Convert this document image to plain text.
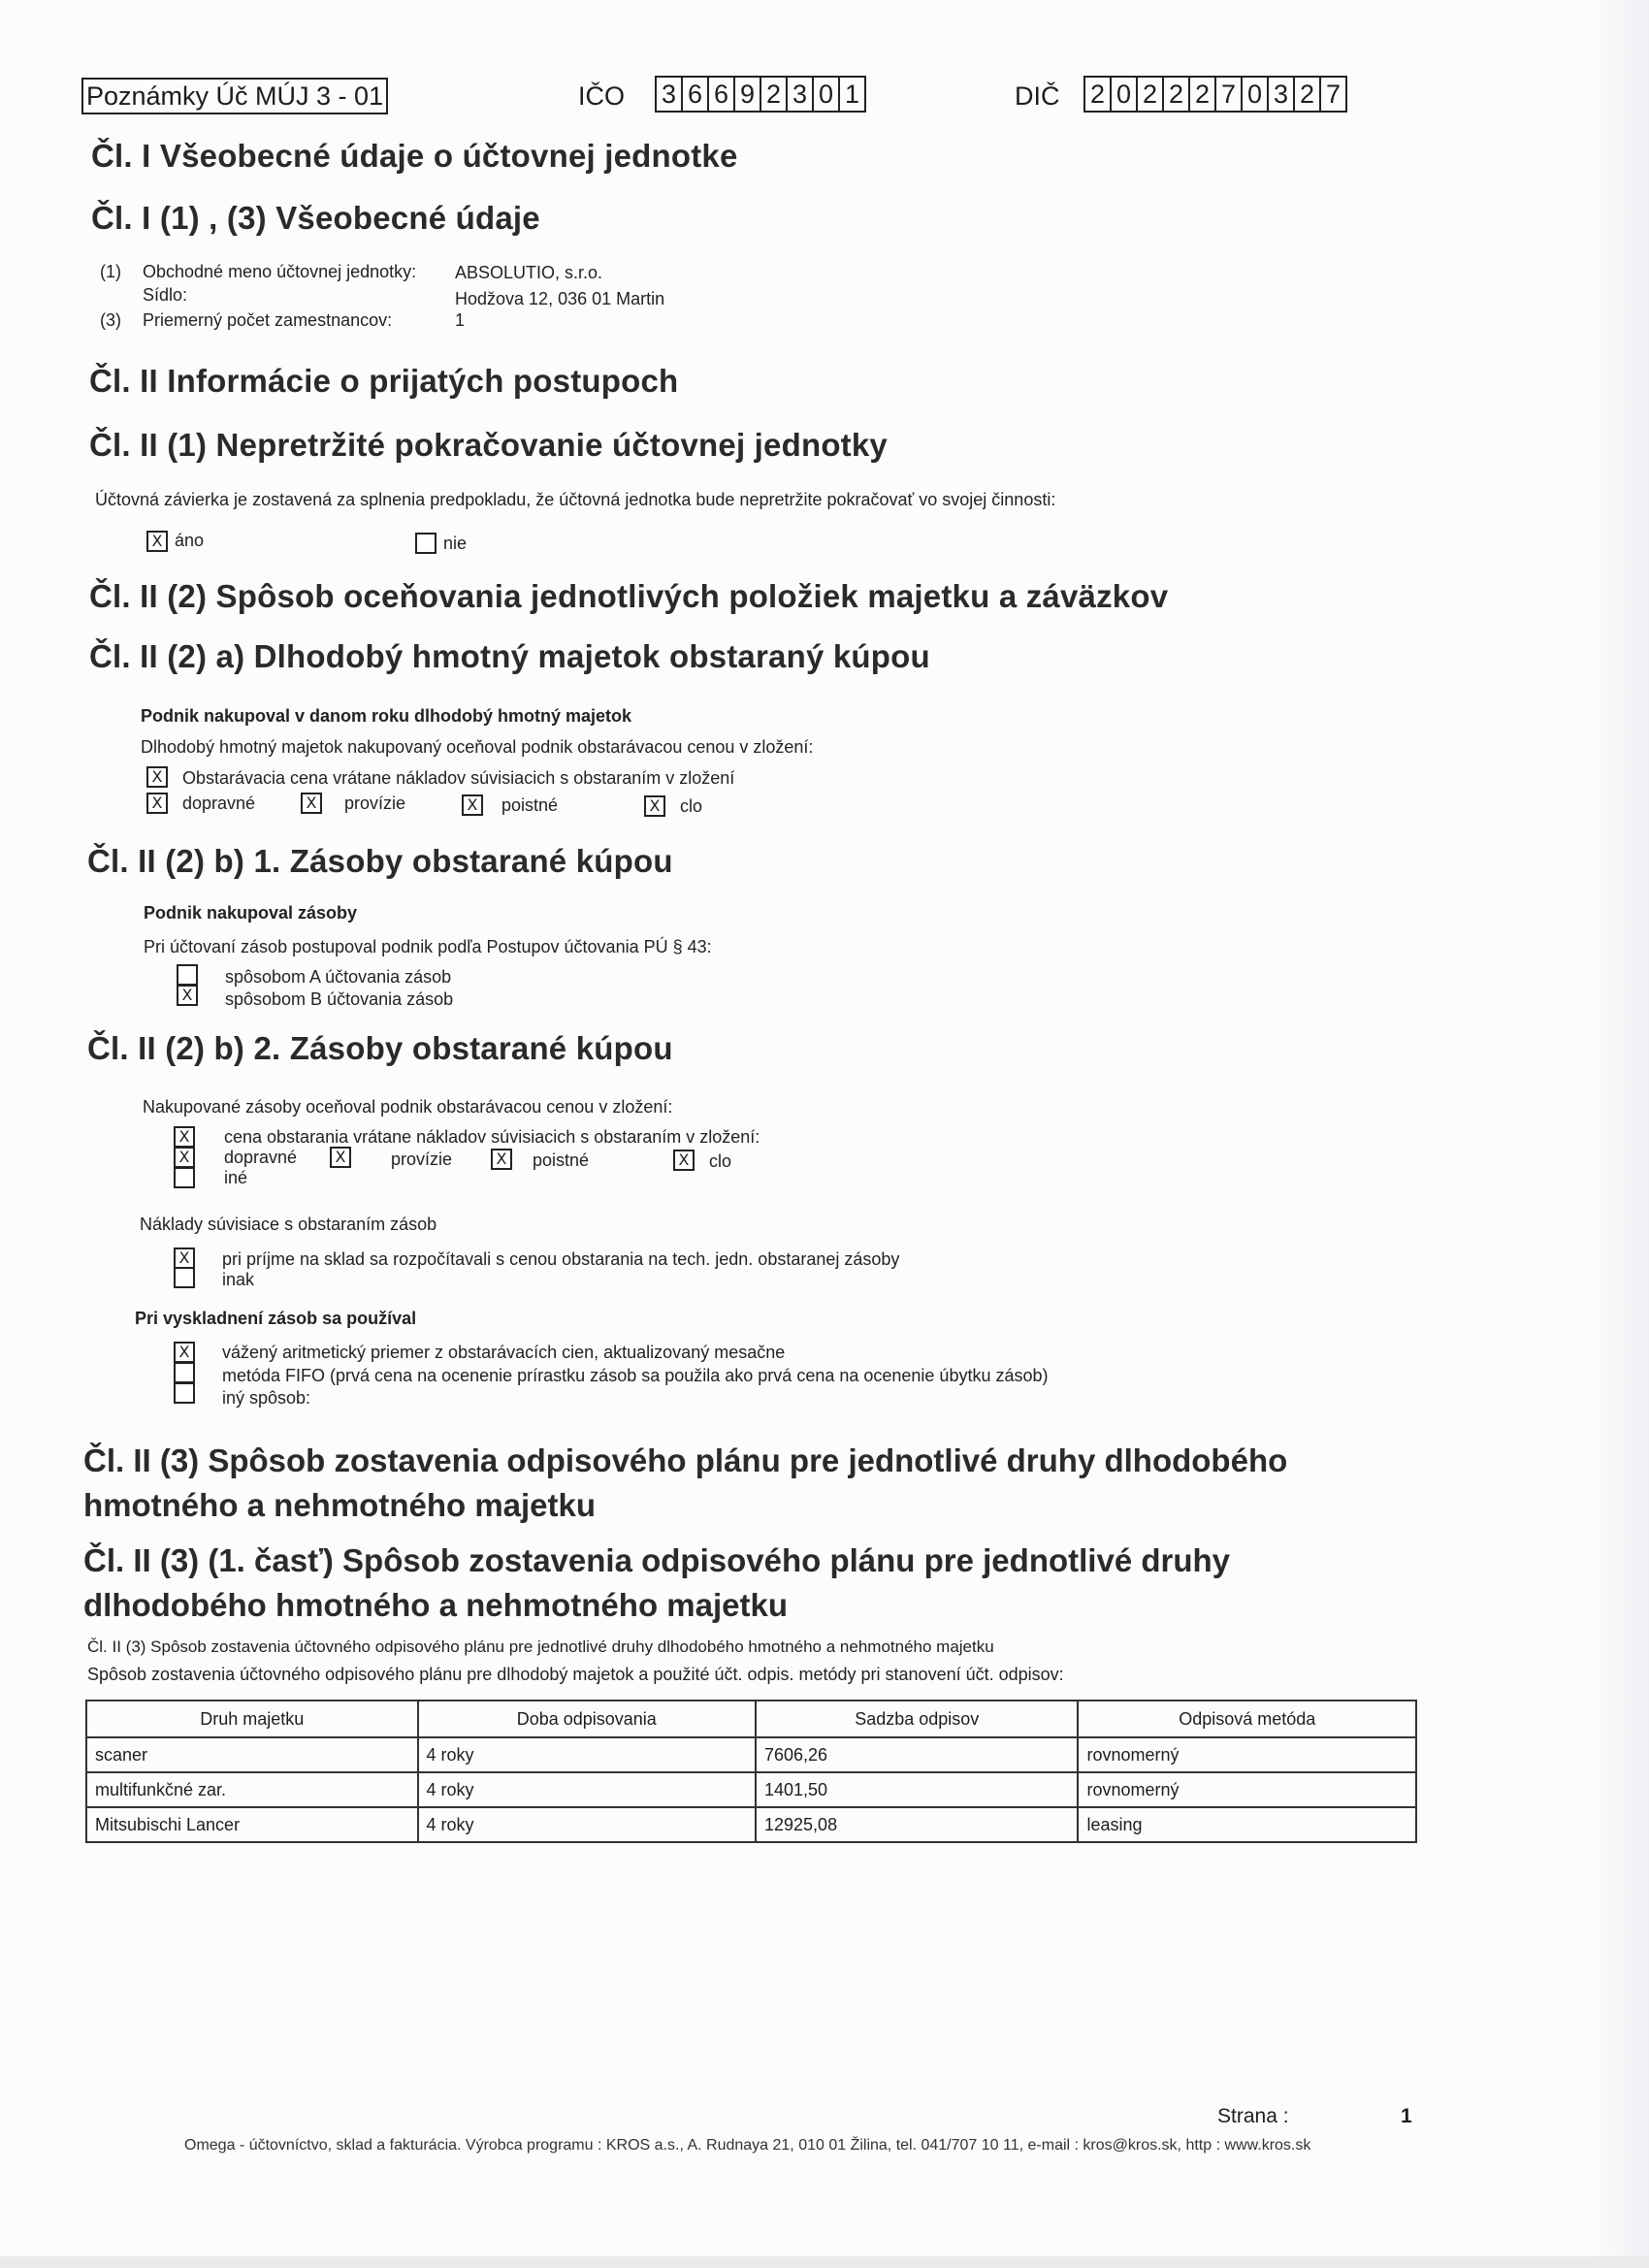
Poznámky Úč MÚJ 3 - 01	IČO 3 6 6 9 2 3 0 1	DIČ 2 0 2 2 2 7 0 3 2 7
Čl. I Všeobecné údaje o účtovnej jednotke
Čl. I (1) , (3) Všeobecné údaje
(1) Obchodné meno účtovnej jednotky: ABSOLUTIO, s.r.o.
Sídlo:	Hodžova 12, 036 01 Martin
(3) Priemerný počet zamestnancov:	1
Čl. II Informácie o prijatých postupoch
Čl. II (1) Nepretržité pokračovanie účtovnej jednotky
Účtovná závierka je zostavená za splnenia predpokladu, že účtovná jednotka bude nepretržite pokračovať vo svojej činnosti:
X áno	nie
Čl. II (2) Spôsob oceňovania jednotlivých položiek majetku a záväzkov
Čl. II (2) a) Dlhodobý hmotný majetok obstaraný kúpou
Podnik nakupoval v danom roku dlhodobý hmotný majetok
Dlhodobý hmotný majetok nakupovaný oceňoval podnik obstarávacou cenou v zložení:
X	Obstarávacia cena vrátane nákladov súvisiacich s obstaraním v zložení
X	dopravné	X	provízie	X	poistné	X	clo
Čl. II (2) b) 1. Zásoby obstarané kúpou
Podnik nakupoval zásoby
Pri účtovaní zásob postupoval podnik podľa Postupov účtovania PÚ § 43:
spôsobom A účtovania zásob
X	spôsobom B účtovania zásob
Čl. II (2) b) 2. Zásoby obstarané kúpou
Nakupované zásoby oceňoval podnik obstarávacou cenou v zložení:
X	cena obstarania vrátane nákladov súvisiacich s obstaraním v zložení:
X	dopravné	X	provízie	X	poistné	X	clo
iné
Náklady súvisiace s obstaraním zásob
X	pri príjme na sklad sa rozpočítavali s cenou obstarania na tech. jedn. obstaranej zásoby
inak
Pri vyskladnení zásob sa používal
X	vážený aritmetický priemer z obstarávacích cien, aktualizovaný mesačne
metóda FIFO (prvá cena na ocenenie prírastku zásob sa použila ako prvá cena na ocenenie úbytku zásob)
iný spôsob:
Čl. II (3) Spôsob zostavenia odpisového plánu pre jednotlivé druhy dlhodobého hmotného a nehmotného majetku
Čl. II (3) (1. časť) Spôsob zostavenia odpisového plánu pre jednotlivé druhy dlhodobého hmotného a nehmotného majetku
Čl. II (3) Spôsob zostavenia účtovného odpisového plánu pre jednotlivé druhy dlhodobého hmotného a nehmotného majetku
Spôsob zostavenia účtovného odpisového plánu pre dlhodobý majetok a použité účt. odpis. metódy pri stanovení účt. odpisov:
Druh majetku	Doba odpisovania	Sadzba odpisov	Odpisová metóda
scaner	4 roky	7606,26	rovnomerný
multifunkčné zar.	4 roky	1401,50	rovnomerný
Mitsubischi Lancer	4 roky	12925,08	leasing
Strana :	1
Omega - účtovníctvo, sklad a fakturácia. Výrobca programu : KROS a.s., A. Rudnaya 21, 010 01 Žilina, tel. 041/707 10 11, e-mail : kros@kros.sk, http : www.kros.sk
